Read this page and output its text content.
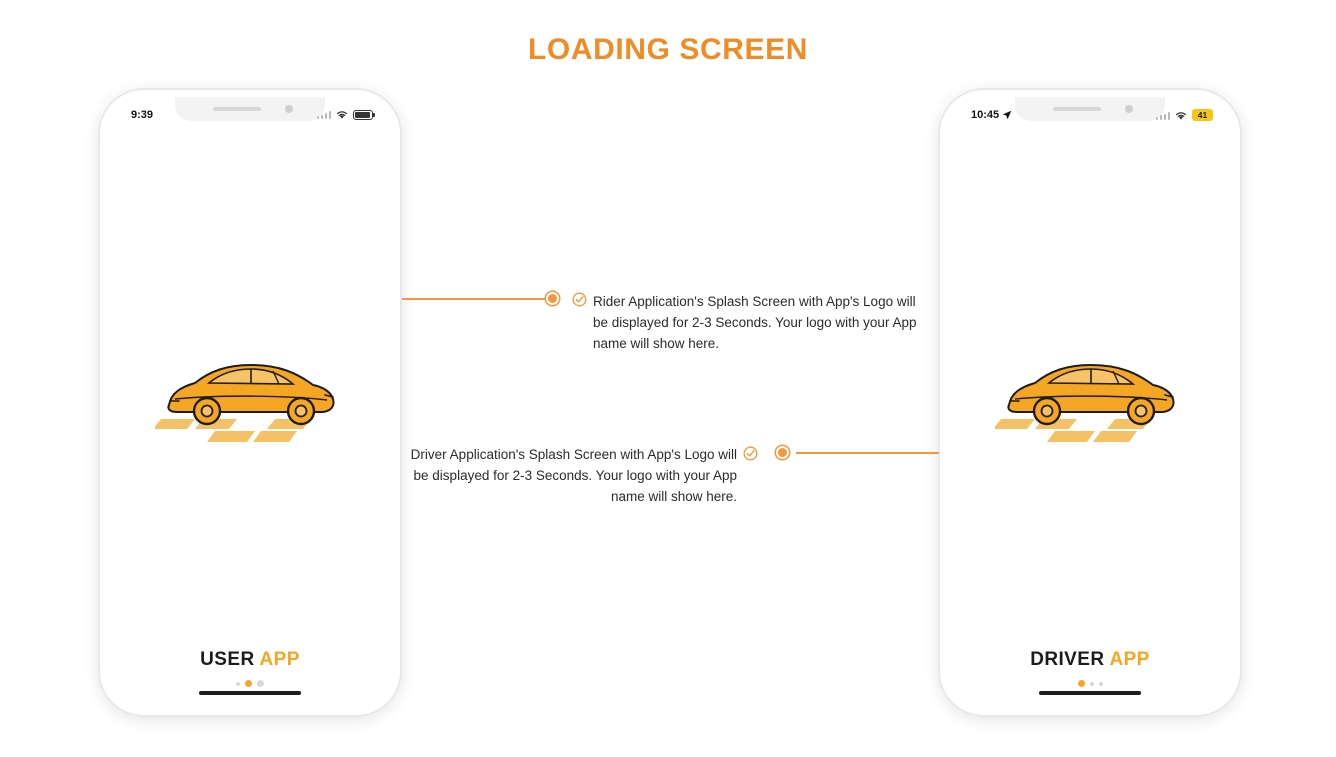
LOADING SCREEN
9:39
USER APP
10:45	41
DRIVER APP
Rider Application's Splash Screen with App's Logo will be displayed for 2-3 Seconds. Your logo with your App name will show here.
Driver Application's Splash Screen with App's Logo will be displayed for 2-3 Seconds. Your logo with your App name will show here.
